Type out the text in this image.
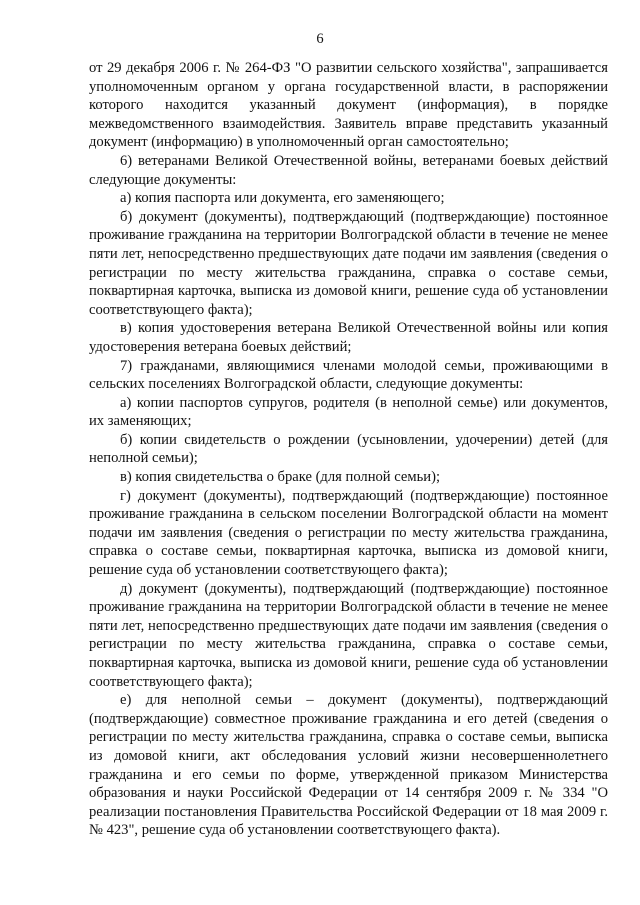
6

от 29 декабря 2006 г. № 264-ФЗ "О развитии сельского хозяйства", запрашивается уполномоченным органом у органа государственной власти, в распоряжении которого находится указанный документ (информация), в порядке межведомственного взаимодействия. Заявитель вправе представить указанный документ (информацию) в уполномоченный орган самостоятельно;

6) ветеранами Великой Отечественной войны, ветеранами боевых действий следующие документы:

а) копия паспорта или документа, его заменяющего;

б) документ (документы), подтверждающий (подтверждающие) постоянное проживание гражданина на территории Волгоградской области в течение не менее пяти лет, непосредственно предшествующих дате подачи им заявления (сведения о регистрации по месту жительства гражданина, справка о составе семьи, поквартирная карточка, выписка из домовой книги, решение суда об установлении соответствующего факта);

в) копия удостоверения ветерана Великой Отечественной войны или копия удостоверения ветерана боевых действий;

7) гражданами, являющимися членами молодой семьи, проживающими в сельских поселениях Волгоградской области, следующие документы:

а) копии паспортов супругов, родителя (в неполной семье) или документов, их заменяющих;

б) копии свидетельств о рождении (усыновлении, удочерении) детей (для неполной семьи);

в) копия свидетельства о браке (для полной семьи);

г) документ (документы), подтверждающий (подтверждающие) постоянное проживание гражданина в сельском поселении Волгоградской области на момент подачи им заявления (сведения о регистрации по месту жительства гражданина, справка о составе семьи, поквартирная карточка, выписка из домовой книги, решение суда об установлении соответствующего факта);

д) документ (документы), подтверждающий (подтверждающие) постоянное проживание гражданина на территории Волгоградской области в течение не менее пяти лет, непосредственно предшествующих дате подачи им заявления (сведения о регистрации по месту жительства гражданина, справка о составе семьи, поквартирная карточка, выписка из домовой книги, решение суда об установлении соответствующего факта);

е) для неполной семьи – документ (документы), подтверждающий (подтверждающие) совместное проживание гражданина и его детей (сведения о регистрации по месту жительства гражданина, справка о составе семьи, выписка из домовой книги, акт обследования условий жизни несовершеннолетнего гражданина и его семьи по форме, утвержденной приказом Министерства образования и науки Российской Федерации от 14 сентября 2009 г. № 334 "О реализации постановления Правительства Российской Федерации от 18 мая 2009 г. № 423", решение суда об установлении соответствующего факта).
